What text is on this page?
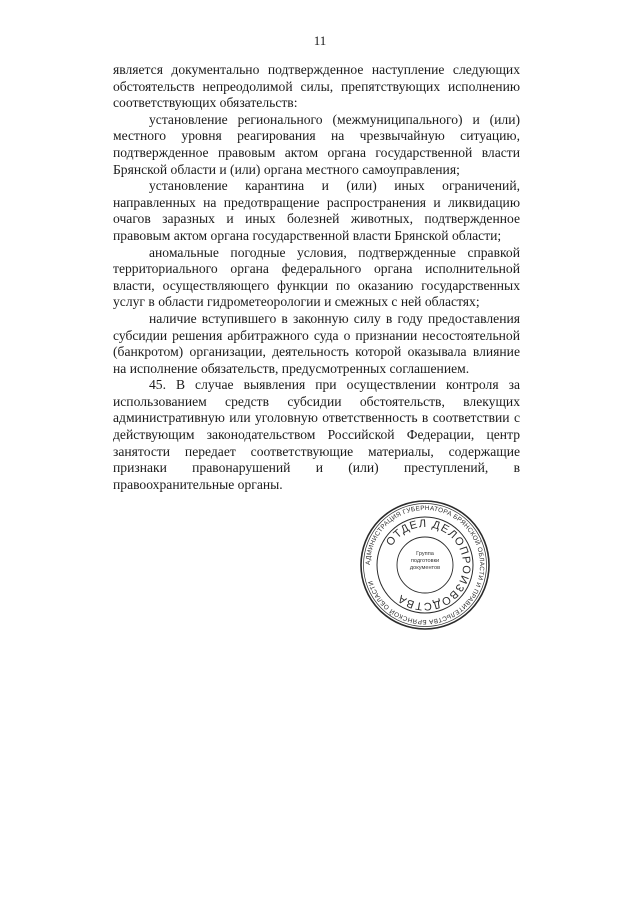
11

является документально подтвержденное наступление следующих обстоятельств непреодолимой силы, препятствующих исполнению соответствующих обязательств:

установление регионального (межмуниципального) и (или) местного уровня реагирования на чрезвычайную ситуацию, подтвержденное правовым актом органа государственной власти Брянской области и (или) органа местного самоуправления;

установление карантина и (или) иных ограничений, направленных на предотвращение распространения и ликвидацию очагов заразных и иных болезней животных, подтвержденное правовым актом органа государственной власти Брянской области;

аномальные погодные условия, подтвержденные справкой территориального органа федерального органа исполнительной власти, осуществляющего функции по оказанию государственных услуг в области гидрометеорологии и смежных с ней областях;

наличие вступившего в законную силу в году предоставления субсидии решения арбитражного суда о признании несостоятельной (банкротом) организации, деятельность которой оказывала влияние на исполнение обязательств, предусмотренных соглашением.

45. В случае выявления при осуществлении контроля за использованием средств субсидии обстоятельств, влекущих административную или уголовную ответственность в соответствии с действующим законодательством Российской Федерации, центр занятости передает соответствующие материалы, содержащие признаки правонарушений и (или) преступлений, в правоохранительные органы.

АДМИНИСТРАЦИЯ ГУБЕРНАТОРА БРЯНСКОЙ ОБЛАСТИ И ПРАВИТЕЛЬСТВА БРЯНСКОЙ ОБЛАСТИ
ОТДЕЛ ДЕЛОПРОИЗВОДСТВА
Группа
подготовки
документов
